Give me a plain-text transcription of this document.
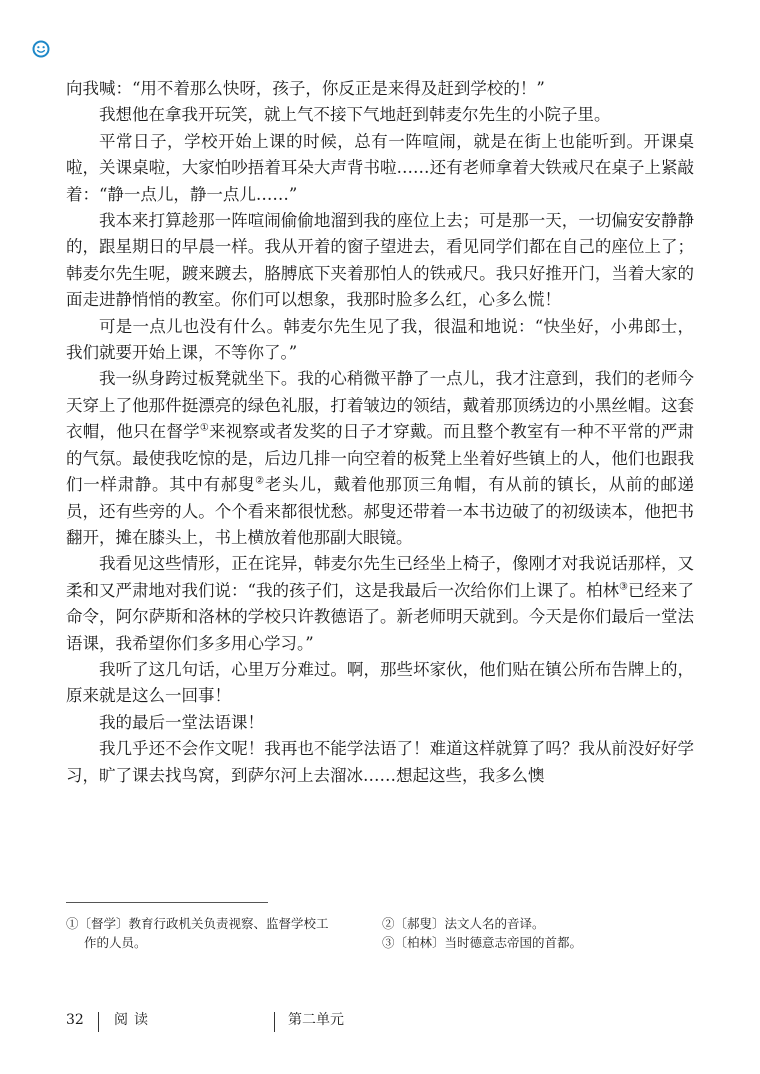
向我喊：“用不着那么快呀，孩子，你反正是来得及赶到学校的！”

我想他在拿我开玩笑，就上气不接下气地赶到韩麦尔先生的小院子里。

平常日子，学校开始上课的时候，总有一阵喧闹，就是在街上也能听到。开课桌啦，关课桌啦，大家怕吵捂着耳朵大声背书啦……还有老师拿着大铁戒尺在桌子上紧敲着：“静一点儿，静一点儿……”

我本来打算趁那一阵喧闹偷偷地溜到我的座位上去；可是那一天，一切偏安安静静的，跟星期日的早晨一样。我从开着的窗子望进去，看见同学们都在自己的座位上了；韩麦尔先生呢，踱来踱去，胳膊底下夹着那怕人的铁戒尺。我只好推开门，当着大家的面走进静悄悄的教室。你们可以想象，我那时脸多么红，心多么慌！

可是一点儿也没有什么。韩麦尔先生见了我，很温和地说：“快坐好，小弗郎士，我们就要开始上课，不等你了。”

我一纵身跨过板凳就坐下。我的心稍微平静了一点儿，我才注意到，我们的老师今天穿上了他那件挺漂亮的绿色礼服，打着皱边的领结，戴着那顶绣边的小黑丝帽。这套衣帽，他只在督学①来视察或者发奖的日子才穿戴。而且整个教室有一种不平常的严肃的气氛。最使我吃惊的是，后边几排一向空着的板凳上坐着好些镇上的人，他们也跟我们一样肃静。其中有郝叟②老头儿，戴着他那顶三角帽，有从前的镇长，从前的邮递员，还有些旁的人。个个看来都很忧愁。郝叟还带着一本书边破了的初级读本，他把书翻开，摊在膝头上，书上横放着他那副大眼镜。

我看见这些情形，正在诧异，韩麦尔先生已经坐上椅子，像刚才对我说话那样，又柔和又严肃地对我们说：“我的孩子们，这是我最后一次给你们上课了。柏林③已经来了命令，阿尔萨斯和洛林的学校只许教德语了。新老师明天就到。今天是你们最后一堂法语课，我希望你们多多用心学习。”

我听了这几句话，心里万分难过。啊，那些坏家伙，他们贴在镇公所布告牌上的，原来就是这么一回事！

我的最后一堂法语课！

我几乎还不会作文呢！我再也不能学法语了！难道这样就算了吗？我从前没好好学习，旷了课去找鸟窝，到萨尔河上去溜冰……想起这些，我多么懊

①〔督学〕教育行政机关负责视察、监督学校工
作的人员。
②〔郝叟〕法文人名的音译。
③〔柏林〕当时德意志帝国的首都。
32 阅读	第二单元
